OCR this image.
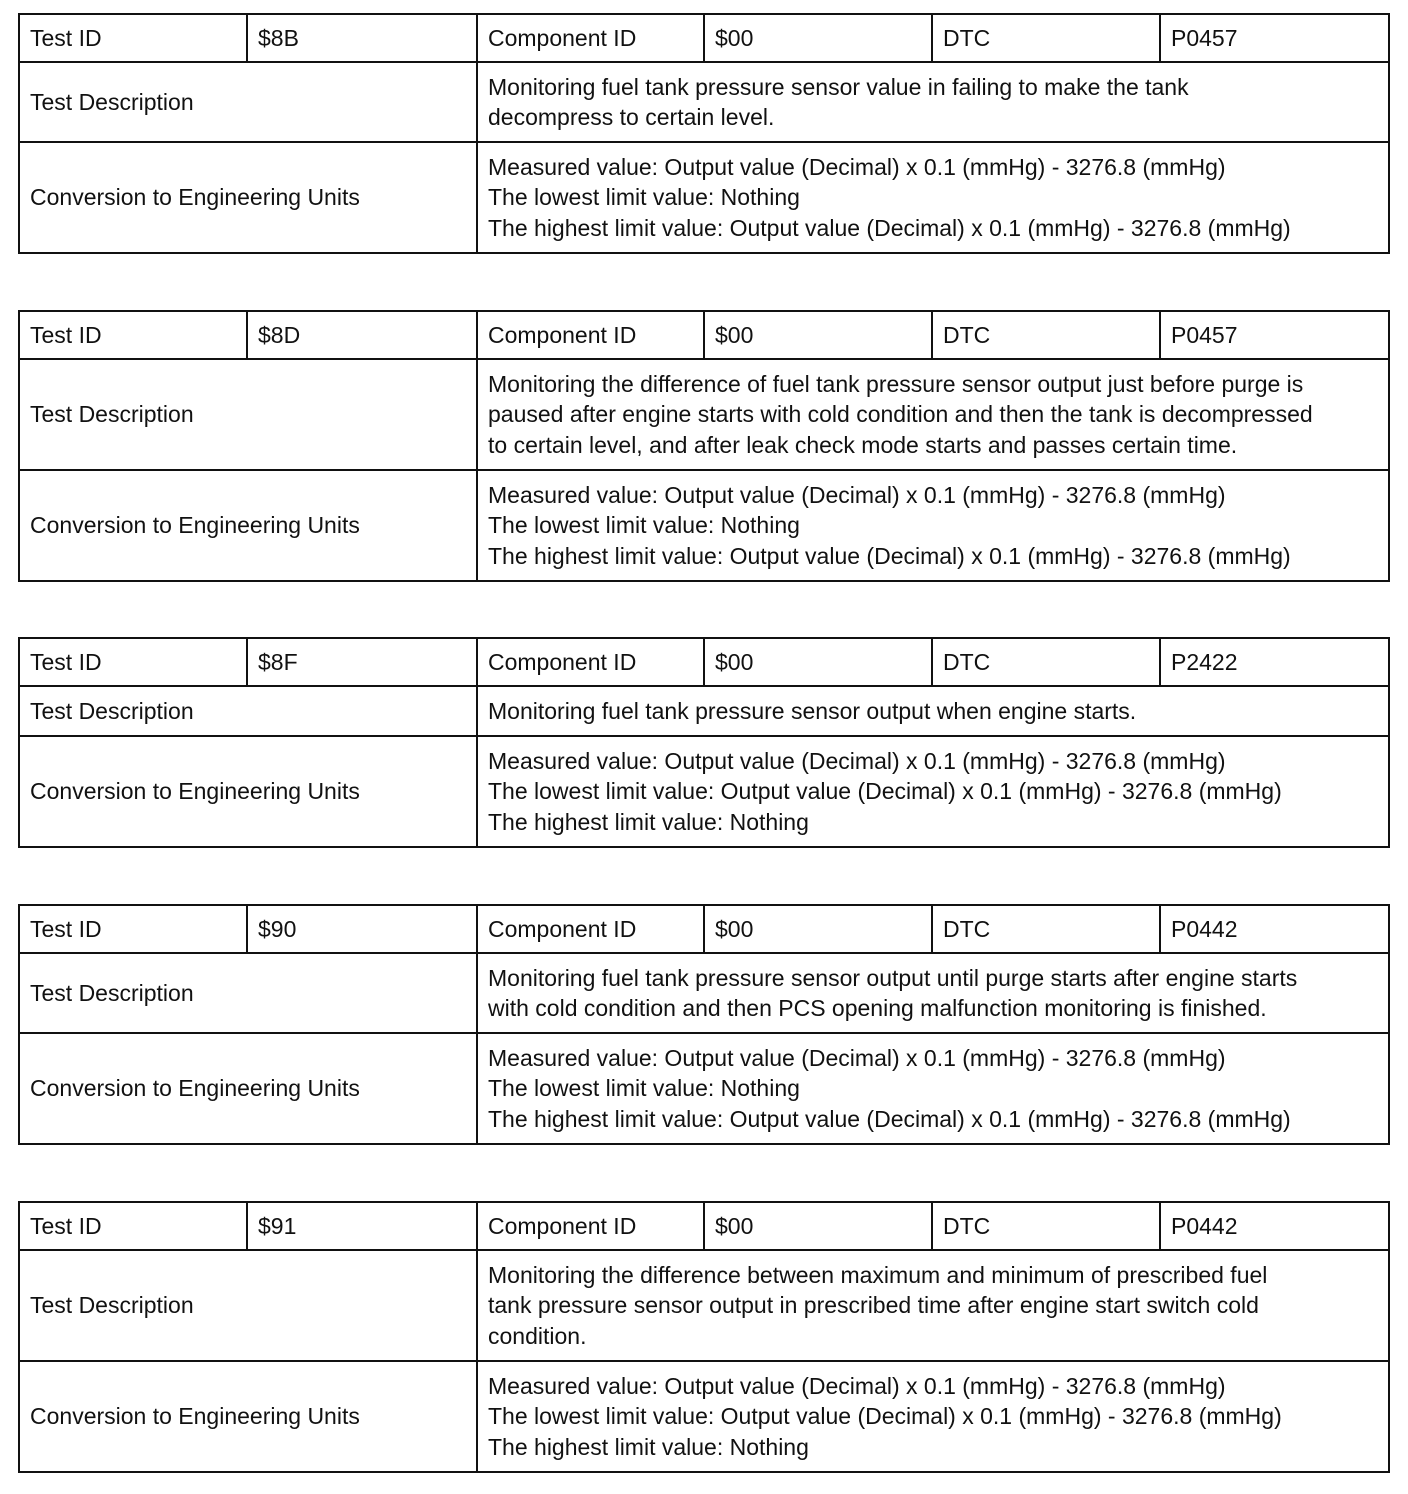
Test ID	$8B	Component ID	$00	DTC	P0457
Test Description		Monitoring fuel tank pressure sensor value in failing to make the tank
decompress to certain level.			

Conversion to Engineering Units		Measured value: Output value (Decimal) x 0.1 (mmHg) - 3276.8 (mmHg)
The lowest limit value: Nothing
The highest limit value: Output value (Decimal) x 0.1 (mmHg) - 3276.8 (mmHg)			
Test ID	$8D	Component ID	$00	DTC	P0457
Test Description		Monitoring the difference of fuel tank pressure sensor output just before purge is
paused after engine starts with cold condition and then the tank is decompressed
to certain level, and after leak check mode starts and passes certain time.			

Conversion to Engineering Units		Measured value: Output value (Decimal) x 0.1 (mmHg) - 3276.8 (mmHg)
The lowest limit value: Nothing
The highest limit value: Output value (Decimal) x 0.1 (mmHg) - 3276.8 (mmHg)			
Test ID	$8F	Component ID	$00	DTC	P2422
Test Description		Monitoring fuel tank pressure sensor output when engine starts.			

Conversion to Engineering Units		Measured value: Output value (Decimal) x 0.1 (mmHg) - 3276.8 (mmHg)
The lowest limit value: Output value (Decimal) x 0.1 (mmHg) - 3276.8 (mmHg)
The highest limit value: Nothing			
Test ID	$90	Component ID	$00	DTC	P0442
Test Description		Monitoring fuel tank pressure sensor output until purge starts after engine starts
with cold condition and then PCS opening malfunction monitoring is finished.			

Conversion to Engineering Units		Measured value: Output value (Decimal) x 0.1 (mmHg) - 3276.8 (mmHg)
The lowest limit value: Nothing
The highest limit value: Output value (Decimal) x 0.1 (mmHg) - 3276.8 (mmHg)			
Test ID	$91	Component ID	$00	DTC	P0442
Test Description		Monitoring the difference between maximum and minimum of prescribed fuel
tank pressure sensor output in prescribed time after engine start switch cold
condition.			

Conversion to Engineering Units		Measured value: Output value (Decimal) x 0.1 (mmHg) - 3276.8 (mmHg)
The lowest limit value: Output value (Decimal) x 0.1 (mmHg) - 3276.8 (mmHg)
The highest limit value: Nothing			
